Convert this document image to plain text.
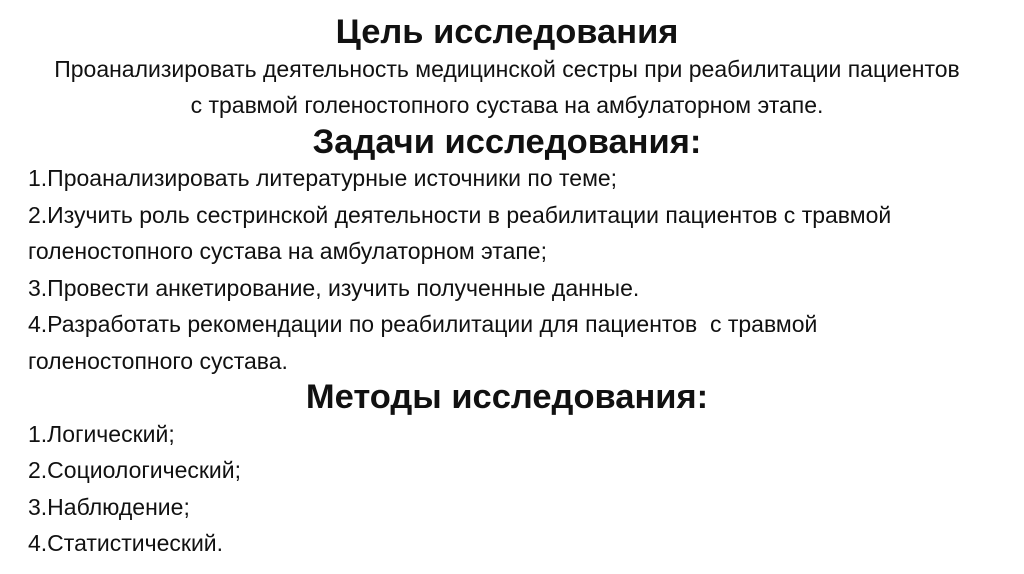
Цель исследования

Проанализировать деятельность медицинской сестры при реабилитации пациентов с травмой голеностопного сустава на амбулаторном этапе.

Задачи исследования:
1.Проанализировать литературные источники по теме;
2.Изучить роль сестринской деятельности в реабилитации пациентов с травмой голеностопного сустава на амбулаторном этапе;
3.Провести анкетирование, изучить полученные данные.
4.Разработать рекомендации по реабилитации для пациентов  с травмой голеностопного сустава.
Методы исследования:
1.Логический;
2.Социологический;
3.Наблюдение;
4.Статистический.
